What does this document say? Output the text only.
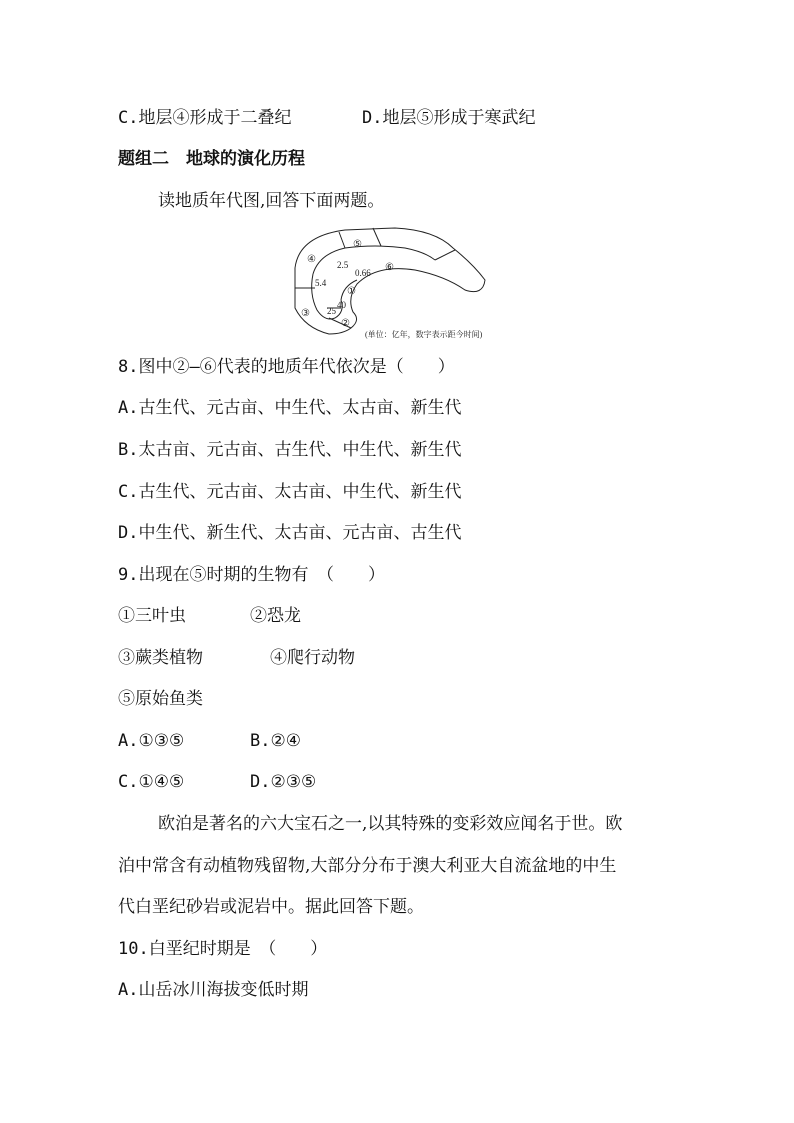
C.地层④形成于二叠纪	D.地层⑤形成于寒武纪
题组二　地球的演化历程
读地质年代图,回答下面两题。
④
⑤
⑥
③
①
②
2.5
0.66
5.4
40
25
(单位：亿年，数字表示距今时间)
8.图中②—⑥代表的地质年代依次是（　　）
A.古生代、元古亩、中生代、太古亩、新生代
B.太古亩、元古亩、古生代、中生代、新生代
C.古生代、元古亩、太古亩、中生代、新生代
D.中生代、新生代、太古亩、元古亩、古生代
9.出现在⑤时期的生物有　（　　）
①三叶虫	②恐龙
③蕨类植物	④爬行动物
⑤原始鱼类
A.①③⑤	B.②④
C.①④⑤	D.②③⑤
欧泊是著名的六大宝石之一,以其特殊的变彩效应闻名于世。欧
泊中常含有动植物残留物,大部分分布于澳大利亚大自流盆地的中生
代白垩纪砂岩或泥岩中。据此回答下题。
10.白垩纪时期是　（　　）
A.山岳冰川海拔变低时期
